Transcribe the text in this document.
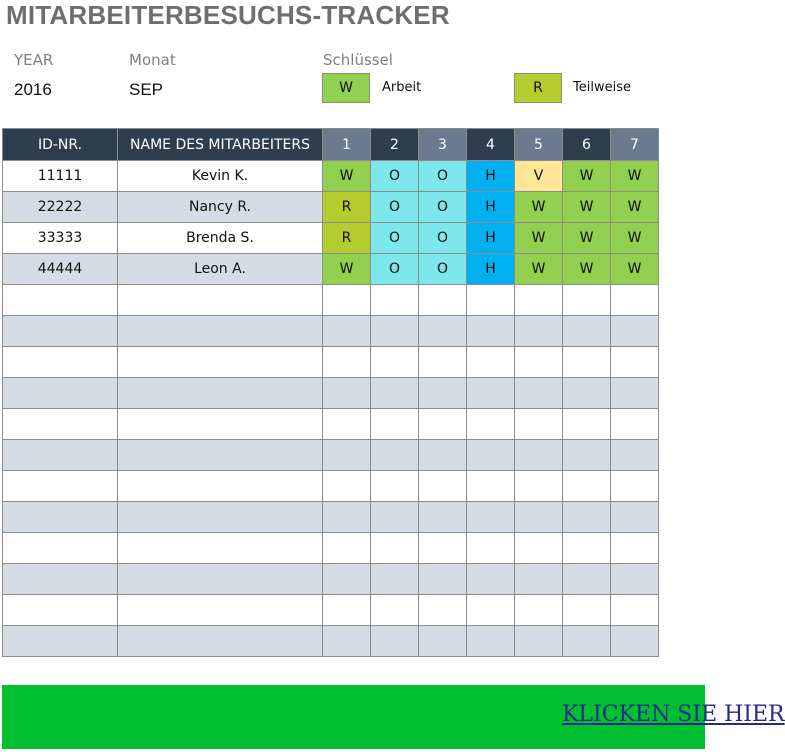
MITARBEITERBESUCHS-TRACKER
YEAR
2016
Monat
SEP
Schlüssel
W	Arbeit	R	Teilweise
ID-NR.	NAME DES MITARBEITERS	1	2	3	4	5	6	7
11111	Kevin K.	W	O	O	H	V	W	W
22222	Nancy R.	R	O	O	H	W	W	W
33333	Brenda S.	R	O	O	H	W	W	W
44444	Leon A.	W	O	O	H	W	W	W

KLICKEN SIE HIER
